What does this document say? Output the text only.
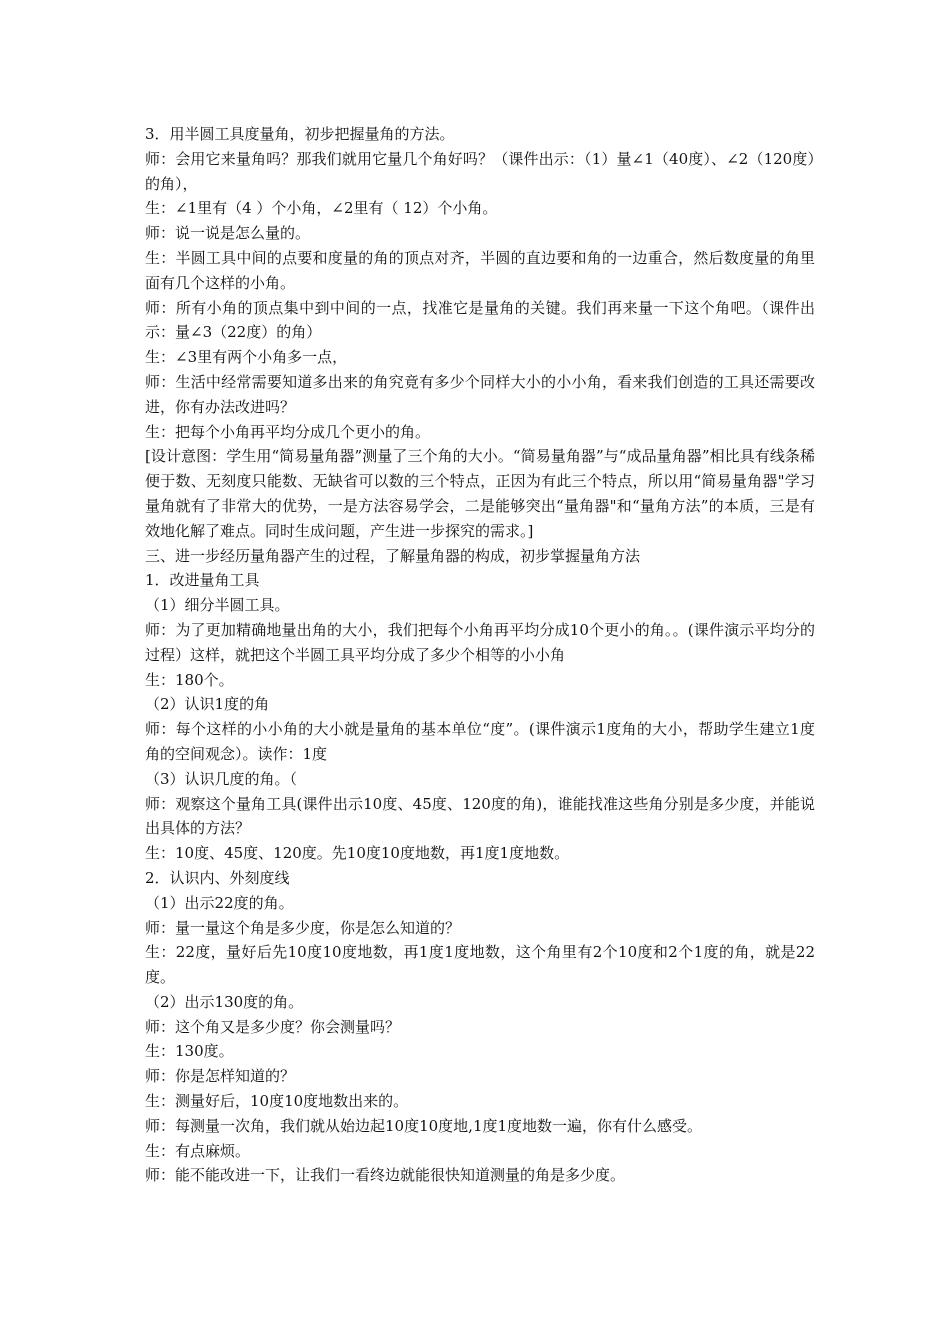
3．用半圆工具度量角，初步把握量角的方法。

师：会用它来量角吗？那我们就用它量几个角好吗？（课件出示：（1）量∠1（40度）、∠2（120度）的角），

生：∠1里有（4 ）个小角，∠2里有（ 12）个小角。

师：说一说是怎么量的。

生：半圆工具中间的点要和度量的角的顶点对齐，半圆的直边要和角的一边重合，然后数度量的角里面有几个这样的小角。

师：所有小角的顶点集中到中间的一点，找准它是量角的关键。我们再来量一下这个角吧。（课件出示：量∠3（22度）的角）

生：∠3里有两个小角多一点，

师：生活中经常需要知道多出来的角究竟有多少个同样大小的小小角，看来我们创造的工具还需要改进，你有办法改进吗？

生：把每个小角再平均分成几个更小的角。

[设计意图：学生用“简易量角器”测量了三个角的大小。“简易量角器”与“成品量角器”相比具有线条稀便于数、无刻度只能数、无缺省可以数的三个特点，正因为有此三个特点，所以用“简易量角器"学习量角就有了非常大的优势，一是方法容易学会，二是能够突出“量角器"和“量角方法”的本质，三是有效地化解了难点。同时生成问题，产生进一步探究的需求。]

三、进一步经历量角器产生的过程，了解量角器的构成，初步掌握量角方法

1．改进量角工具

（1）细分半圆工具。

师：为了更加精确地量出角的大小，我们把每个小角再平均分成10个更小的角。。(课件演示平均分的过程）这样，就把这个半圆工具平均分成了多少个相等的小小角

生：180个。

（2）认识1度的角

师：每个这样的小小角的大小就是量角的基本单位“度”。(课件演示1度角的大小，帮助学生建立1度角的空间观念）。读作：1度

（3）认识几度的角。（

师：观察这个量角工具(课件出示10度、45度、120度的角)，谁能找准这些角分别是多少度，并能说出具体的方法？

生：10度、45度、120度。先10度10度地数，再1度1度地数。

2．认识内、外刻度线

（1）出示22度的角。

师：量一量这个角是多少度，你是怎么知道的？

生：22度，量好后先10度10度地数，再1度1度地数，这个角里有2个10度和2个1度的角，就是22度。

（2）出示130度的角。

师：这个角又是多少度？你会测量吗？

生：130度。

师：你是怎样知道的？

生：测量好后，10度10度地数出来的。

师：每测量一次角，我们就从始边起10度10度地,1度1度地数一遍，你有什么感受。

生：有点麻烦。

师：能不能改进一下，让我们一看终边就能很快知道测量的角是多少度。
